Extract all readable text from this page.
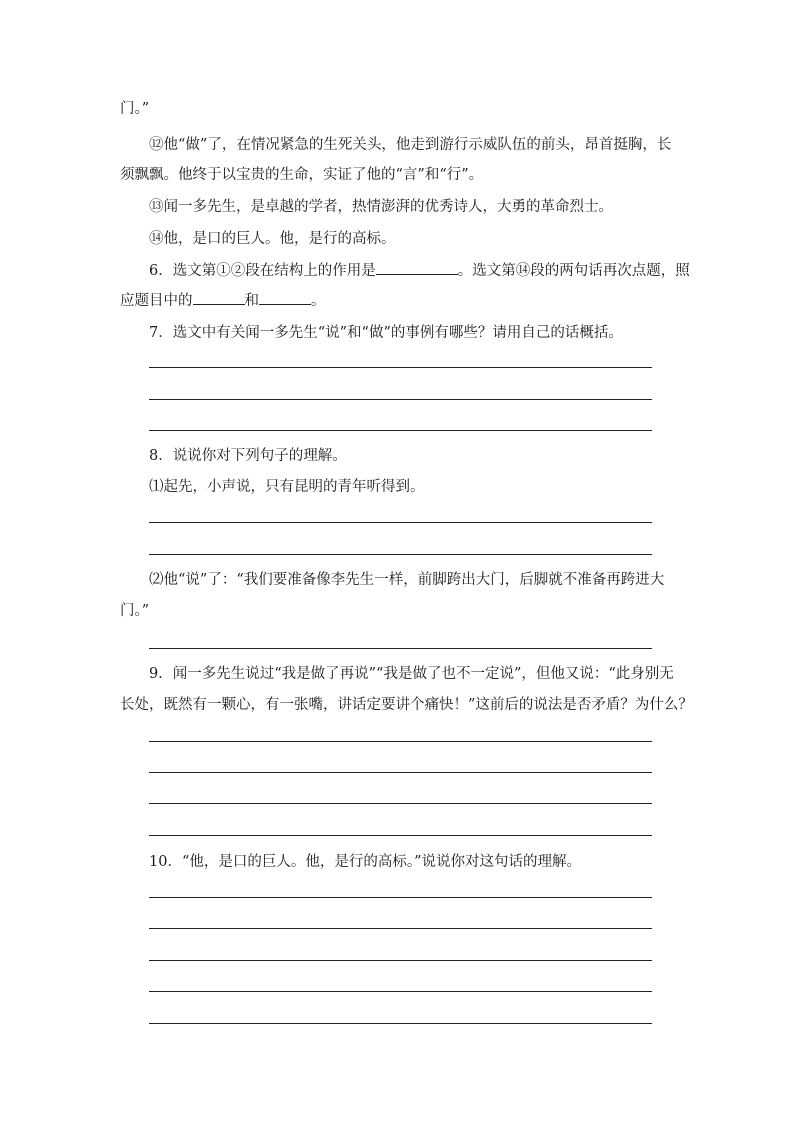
门。”
⑫他“做”了，在情况紧急的生死关头，他走到游行示威队伍的前头，昂首挺胸，长
须飘飘。他终于以宝贵的生命，实证了他的“言”和“行”。
⑬闻一多先生，是卓越的学者，热情澎湃的优秀诗人，大勇的革命烈士。
⑭他，是口的巨人。他，是行的高标。
6．选文第①②段在结构上的作用是	。选文第⑭段的两句话再次点题，照
应题目中的	和	。
7．选文中有关闻一多先生“说”和“做”的事例有哪些？请用自己的话概括。
8．说说你对下列句子的理解。
⑴起先，小声说，只有昆明的青年听得到。
⑵他“说”了：“我们要准备像李先生一样，前脚跨出大门，后脚就不准备再跨进大
门。”
9．闻一多先生说过“我是做了再说”“我是做了也不一定说”，但他又说：“此身别无
长处，既然有一颗心，有一张嘴，讲话定要讲个痛快！”这前后的说法是否矛盾？为什么？
10．“他，是口的巨人。他，是行的高标。”说说你对这句话的理解。
